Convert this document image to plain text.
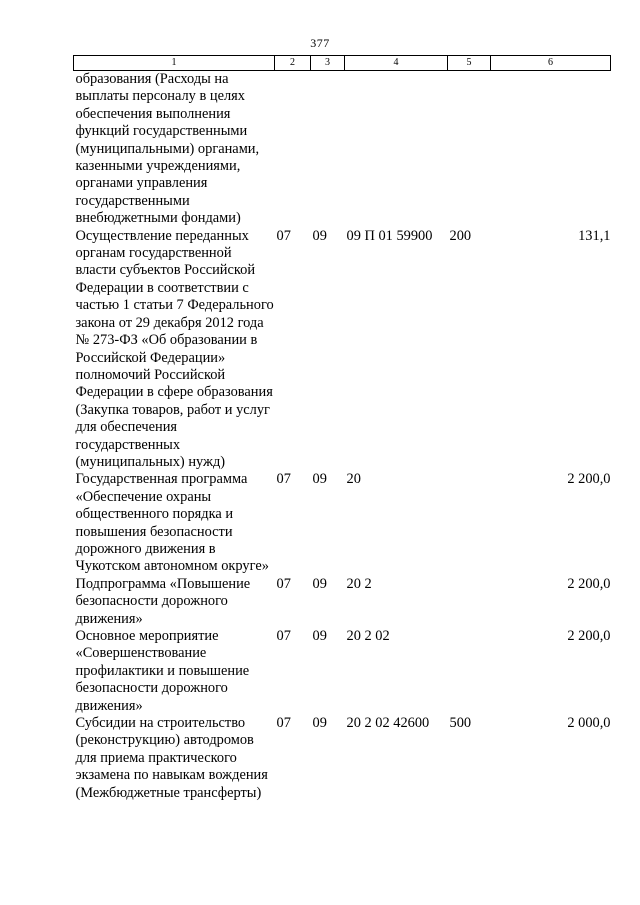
377
1	2	3	4	5	6
образования (Расходы на выплаты персоналу в целях обеспечения выполнения функций государственными (муниципальными) органами, казенными учреждениями, органами управления государственными внебюджетными фондами)					
Осуществление переданных органам государственной власти субъектов Российской Федерации в соответствии с частью 1 статьи 7 Федерального закона от 29 декабря 2012 года № 273-ФЗ «Об образовании в Российской Федерации» полномочий Российской Федерации в сфере образования (Закупка товаров, работ и услуг для обеспечения государственных (муниципальных) нужд)	07	09	09 П 01 59900	200	131,1
Государственная программа «Обеспечение охраны общественного порядка и повышения безопасности дорожного движения в Чукотском автономном округе»	07	09	20		2 200,0
Подпрограмма «Повышение безопасности дорожного движения»	07	09	20 2		2 200,0
Основное мероприятие «Совершенствование профилактики и повышение безопасности дорожного движения»	07	09	20 2 02		2 200,0
Субсидии на строительство (реконструкцию) автодромов для приема практического экзамена по навыкам вождения (Межбюджетные трансферты)	07	09	20 2 02 42600	500	2 000,0
